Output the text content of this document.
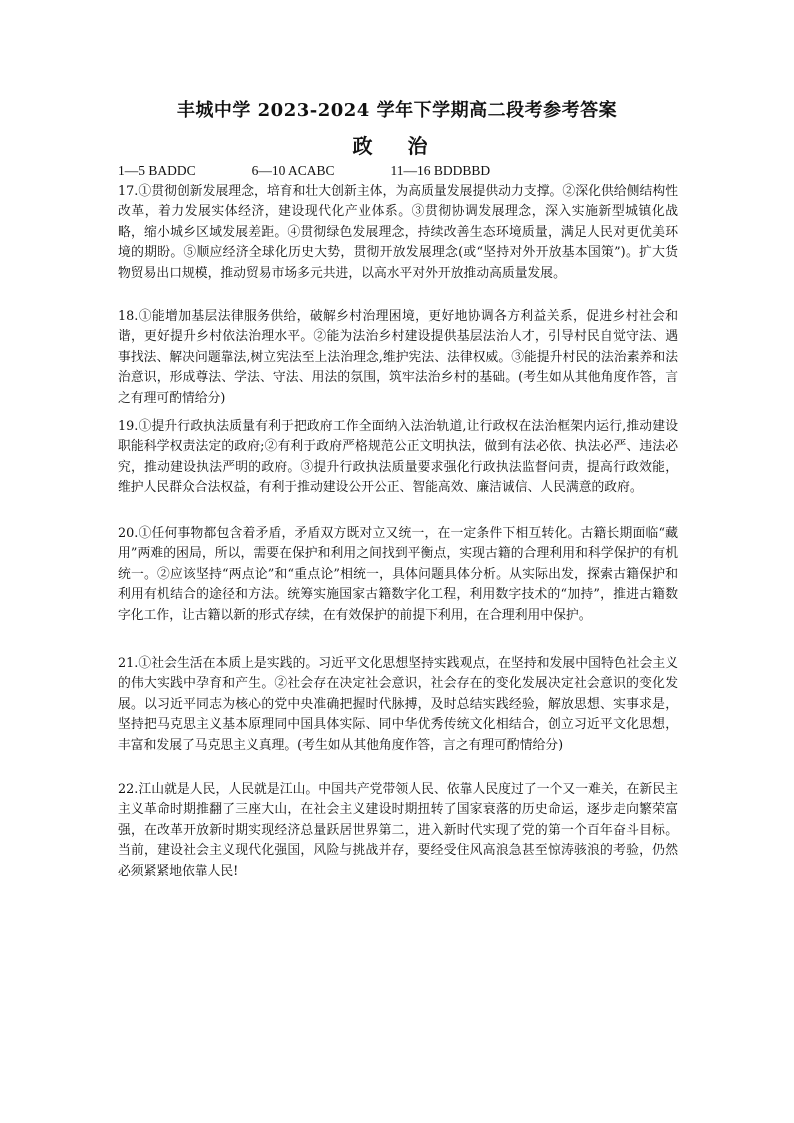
丰城中学 2023-2024 学年下学期高二段考参考答案
政 治
1—5 BADDC	6—10 ACABC	11—16 BDDBBD
17.①贯彻创新发展理念，培育和壮大创新主体，为高质量发展提供动力支撑。②深化供给侧结构性改革，着力发展实体经济，建设现代化产业体系。③贯彻协调发展理念，深入实施新型城镇化战略，缩小城乡区域发展差距。④贯彻绿色发展理念，持续改善生态环境质量，满足人民对更优美环境的期盼。⑤顺应经济全球化历史大势，贯彻开放发展理念(或“坚持对外开放基本国策”)。扩大货物贸易出口规模，推动贸易市场多元共进，以高水平对外开放推动高质量发展。
18.①能增加基层法律服务供给，破解乡村治理困境，更好地协调各方利益关系，促进乡村社会和谐，更好提升乡村依法治理水平。②能为法治乡村建设提供基层法治人才，引导村民自觉守法、遇事找法、解决问题靠法,树立宪法至上法治理念,维护宪法、法律权威。③能提升村民的法治素养和法治意识，形成尊法、学法、守法、用法的氛围，筑牢法治乡村的基础。(考生如从其他角度作答，言之有理可酌情给分)
19.①提升行政执法质量有利于把政府工作全面纳入法治轨道,让行政权在法治框架内运行,推动建设职能科学权责法定的政府;②有利于政府严格规范公正文明执法，做到有法必依、执法必严、违法必究，推动建设执法严明的政府。③提升行政执法质量要求强化行政执法监督问责，提高行政效能，维护人民群众合法权益，有利于推动建设公开公正、智能高效、廉洁诚信、人民满意的政府。
20.①任何事物都包含着矛盾，矛盾双方既对立又统一，在一定条件下相互转化。古籍长期面临“藏用”两难的困局，所以，需要在保护和利用之间找到平衡点，实现古籍的合理利用和科学保护的有机统一。②应该坚持“两点论”和“重点论”相统一，具体问题具体分析。从实际出发，探索古籍保护和利用有机结合的途径和方法。统筹实施国家古籍数字化工程，利用数字技术的“加持”，推进古籍数字化工作，让古籍以新的形式存续，在有效保护的前提下利用，在合理利用中保护。
21.①社会生活在本质上是实践的。习近平文化思想坚持实践观点，在坚持和发展中国特色社会主义的伟大实践中孕育和产生。②社会存在决定社会意识，社会存在的变化发展决定社会意识的变化发展。以习近平同志为核心的党中央准确把握时代脉搏，及时总结实践经验，解放思想、实事求是，坚持把马克思主义基本原理同中国具体实际、同中华优秀传统文化相结合，创立习近平文化思想，丰富和发展了马克思主义真理。(考生如从其他角度作答，言之有理可酌情给分)
22.江山就是人民，人民就是江山。中国共产党带领人民、依靠人民度过了一个又一难关，在新民主主义革命时期推翻了三座大山，在社会主义建设时期扭转了国家衰落的历史命运，逐步走向繁荣富强，在改革开放新时期实现经济总量跃居世界第二，进入新时代实现了党的第一个百年奋斗目标。当前，建设社会主义现代化强国，风险与挑战并存，要经受住风高浪急甚至惊涛骇浪的考验，仍然必须紧紧地依靠人民!
